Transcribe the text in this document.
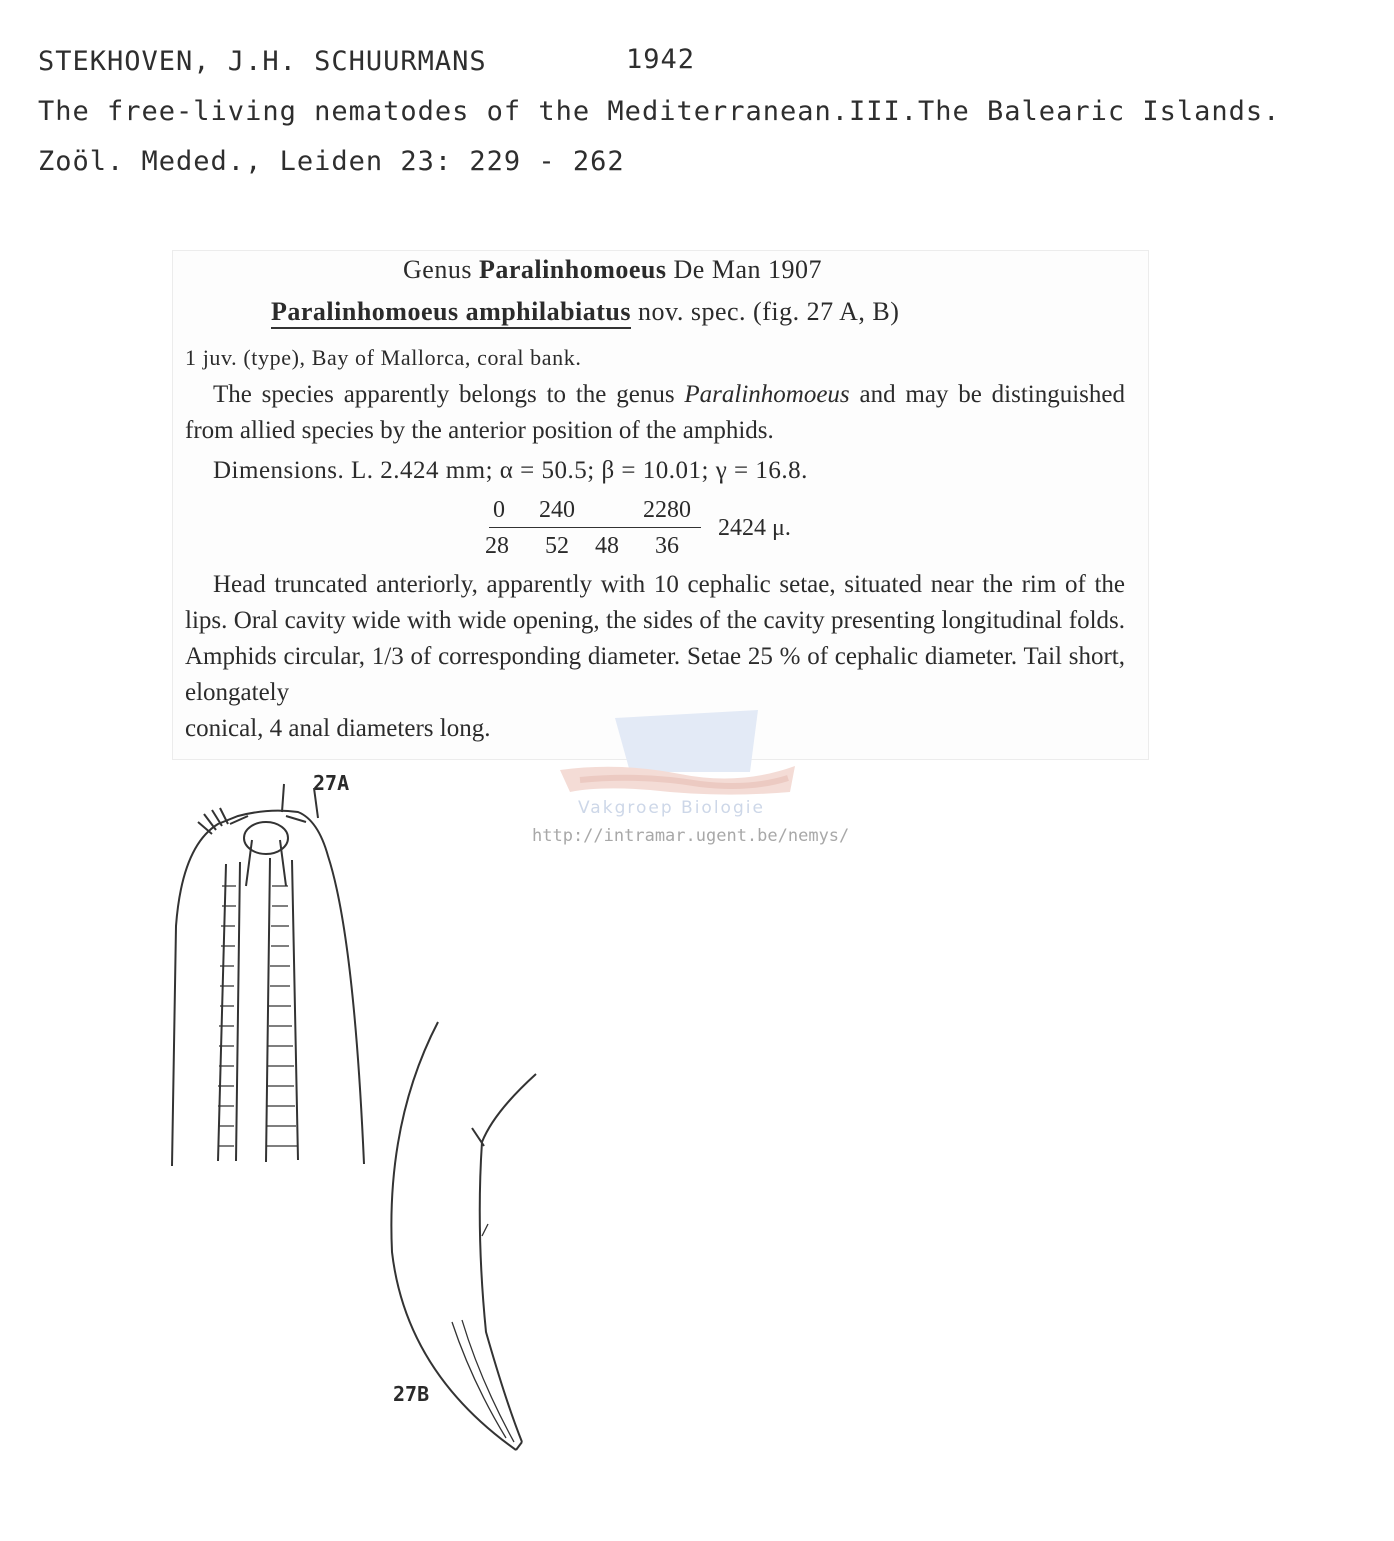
STEKHOVEN, J.H. SCHUURMANS	1942
The free-living nematodes of the Mediterranean.III.The Balearic Islands.
Zoöl. Meded., Leiden 23: 229 - 262
Genus Paralinhomoeus De Man 1907
Paralinhomoeus amphilabiatus nov. spec. (fig. 27 A, B)
1 juv. (type), Bay of Mallorca, coral bank.
The species apparently belongs to the genus Paralinhomoeus and may be distinguished from allied species by the anterior position of the amphids.
Dimensions. L. 2.424 mm; α = 50.5; β = 10.01; γ = 16.8.
0 240	2280
28 52 48 36
2424 μ.
Head truncated anteriorly, apparently with 10 cephalic setae, situated near the rim of the lips. Oral cavity wide with wide opening, the sides of the cavity presenting longitudinal folds. Amphids circular, 1/3 of corresponding diameter. Setae 25 % of cephalic diameter. Tail short, elongately
conical, 4 anal diameters long.
Vakgroep Biologie
http://intramar.ugent.be/nemys/
27A
27B
